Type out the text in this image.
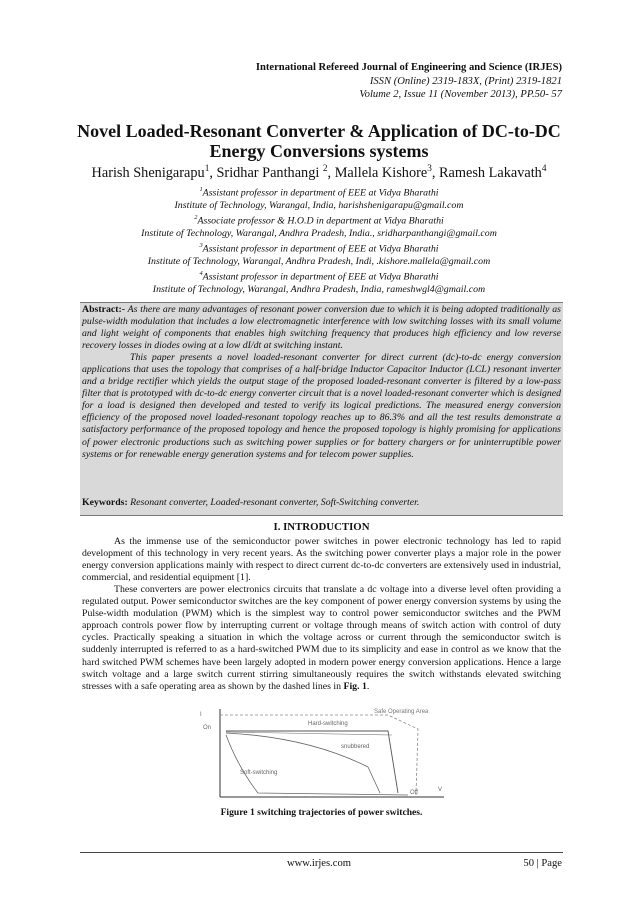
International Refereed Journal of Engineering and Science (IRJES)
ISSN (Online) 2319-183X, (Print) 2319-1821
Volume 2, Issue 11 (November 2013), PP.50- 57
Novel Loaded-Resonant Converter & Application of DC-to-DC
Energy Conversions systems
Harish Shenigarapu$^1$, Sridhar Panthangi $^2$, Mallela Kishore$^3$, Ramesh Lakavath$^4$
$^1$Assistant professor in department of EEE at Vidya Bharathi
Institute of Technology, Warangal, India, harishshenigarapu@gmail.com
$^2$Associate professor & H.O.D in department at Vidya Bharathi
Institute of Technology, Warangal, Andhra Pradesh, India., sridharpanthangi@gmail.com
$^3$Assistant professor in department of EEE at Vidya Bharathi
Institute of Technology, Warangal, Andhra Pradesh, Indi, .kishore.mallela@gmail.com
$^4$Assistant professor in department of EEE at Vidya Bharathi
Institute of Technology, Warangal, Andhra Pradesh, India, rameshwgl4@gmail.com
Abstract:- As there are many advantages of resonant power conversion due to which it is being adopted traditionally as pulse-width modulation that includes a low electromagnetic interference with low switching losses with its small volume and light weight of components that enables high switching frequency that produces high efficiency and low reverse recovery losses in diodes owing at a low dI/dt at switching instant.
This paper presents a novel loaded-resonant converter for direct current (dc)-to-dc energy conversion applications that uses the topology that comprises of a half-bridge Inductor Capacitor Inductor (LCL) resonant inverter and a bridge rectifier which yields the output stage of the proposed loaded-resonant converter is filtered by a low-pass filter that is prototyped with dc-to-dc energy converter circuit that is a novel loaded-resonant converter which is designed for a load is designed then developed and tested to verify its logical predictions. The measured energy conversion efficiency of the proposed novel loaded-resonant topology reaches up to 86.3% and all the test results demonstrate a satisfactory performance of the proposed topology and hence the proposed topology is highly promising for applications of power electronic productions such as switching power supplies or for battery chargers or for uninterruptible power systems or for renewable energy generation systems and for telecom power supplies.
Keywords: Resonant converter, Loaded-resonant converter, Soft-Switching converter.
I. INTRODUCTION
As the immense use of the semiconductor power switches in power electronic technology has led to rapid development of this technology in very recent years. As the switching power converter plays a major role in the power energy conversion applications mainly with respect to direct current dc-to-dc converters are extensively used in industrial, commercial, and residential equipment [1].
These converters are power electronics circuits that translate a dc voltage into a diverse level often providing a regulated output. Power semiconductor switches are the key component of power energy conversion systems by using the Pulse-width modulation (PWM) which is the simplest way to control power semiconductor switches and the PWM approach controls power flow by interrupting current or voltage through means of switch action with control of duty cycles. Practically speaking a situation in which the voltage across or current through the semiconductor switch is suddenly interrupted is referred to as a hard-switched PWM due to its simplicity and ease in control as we know that the hard switched PWM schemes have been largely adopted in modern power energy conversion applications. Hence a large switch voltage and a large switch current stirring simultaneously requires the switch withstands elevated switching stresses with a safe operating area as shown by the dashed lines in Fig. 1.
I
On
V
Off
Safe Operating Area
Hard-switching
snubbered
Soft-switching
Figure 1 switching trajectories of power switches.
www.irjes.com	50 | Page
